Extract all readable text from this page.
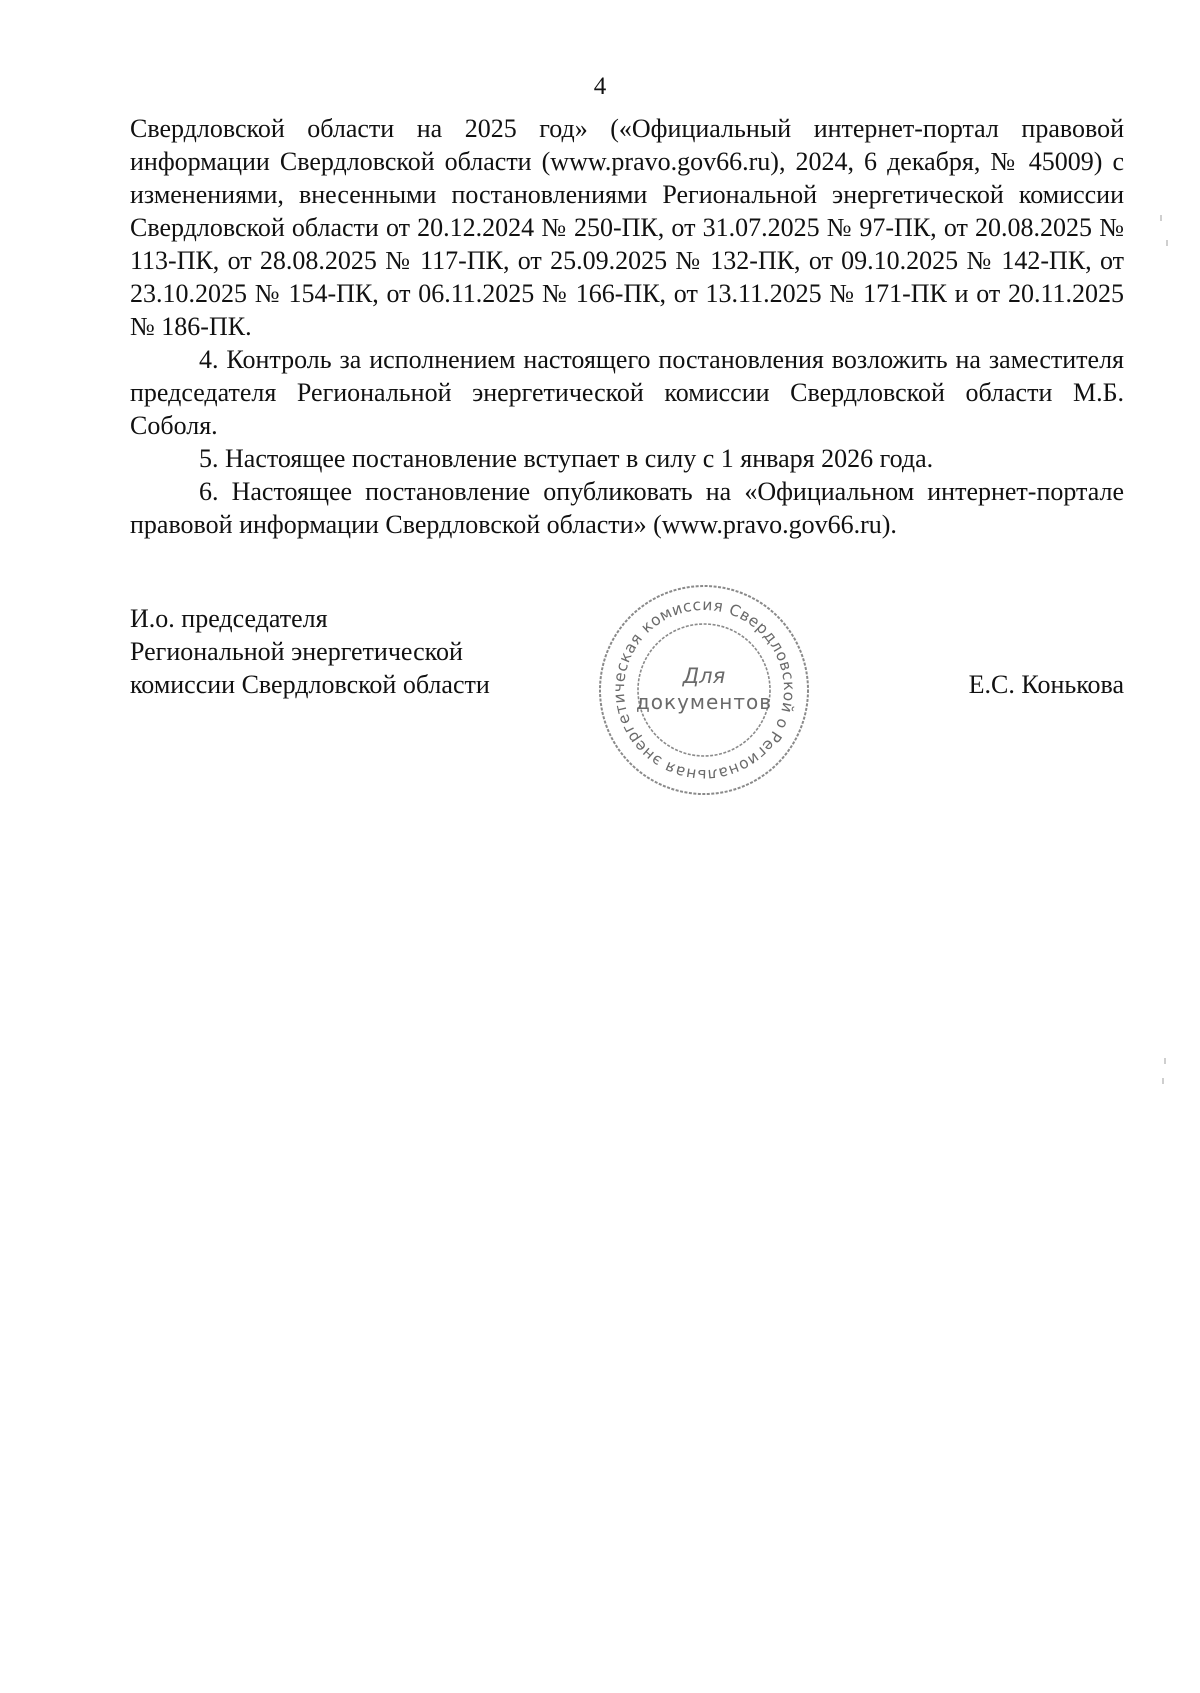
4

Свердловской области на 2025 год» («Официальный интернет-портал правовой информации Свердловской области (www.pravo.gov66.ru), 2024, 6 декабря, № 45009) с изменениями, внесенными постановлениями Региональной энергетической комиссии Свердловской области от 20.12.2024 № 250-ПК, от 31.07.2025 № 97-ПК, от 20.08.2025 № 113-ПК, от 28.08.2025 № 117-ПК, от 25.09.2025 № 132-ПК, от 09.10.2025 № 142-ПК, от 23.10.2025 № 154-ПК, от 06.11.2025 № 166-ПК, от 13.11.2025 № 171-ПК и от 20.11.2025 № 186-ПК.

4. Контроль за исполнением настоящего постановления возложить на заместителя председателя Региональной энергетической комиссии Свердловской области М.Б. Соболя.

5. Настоящее постановление вступает в силу с 1 января 2026 года.

6. Настоящее постановление опубликовать на «Официальном интернет-портале правовой информации Свердловской области» (www.pravo.gov66.ru).

И.о. председателя
Региональной энергетической
комиссии Свердловской области
Региональная энергетическая комиссия Свердловской области
Для
документов
Е.С. Конькова
